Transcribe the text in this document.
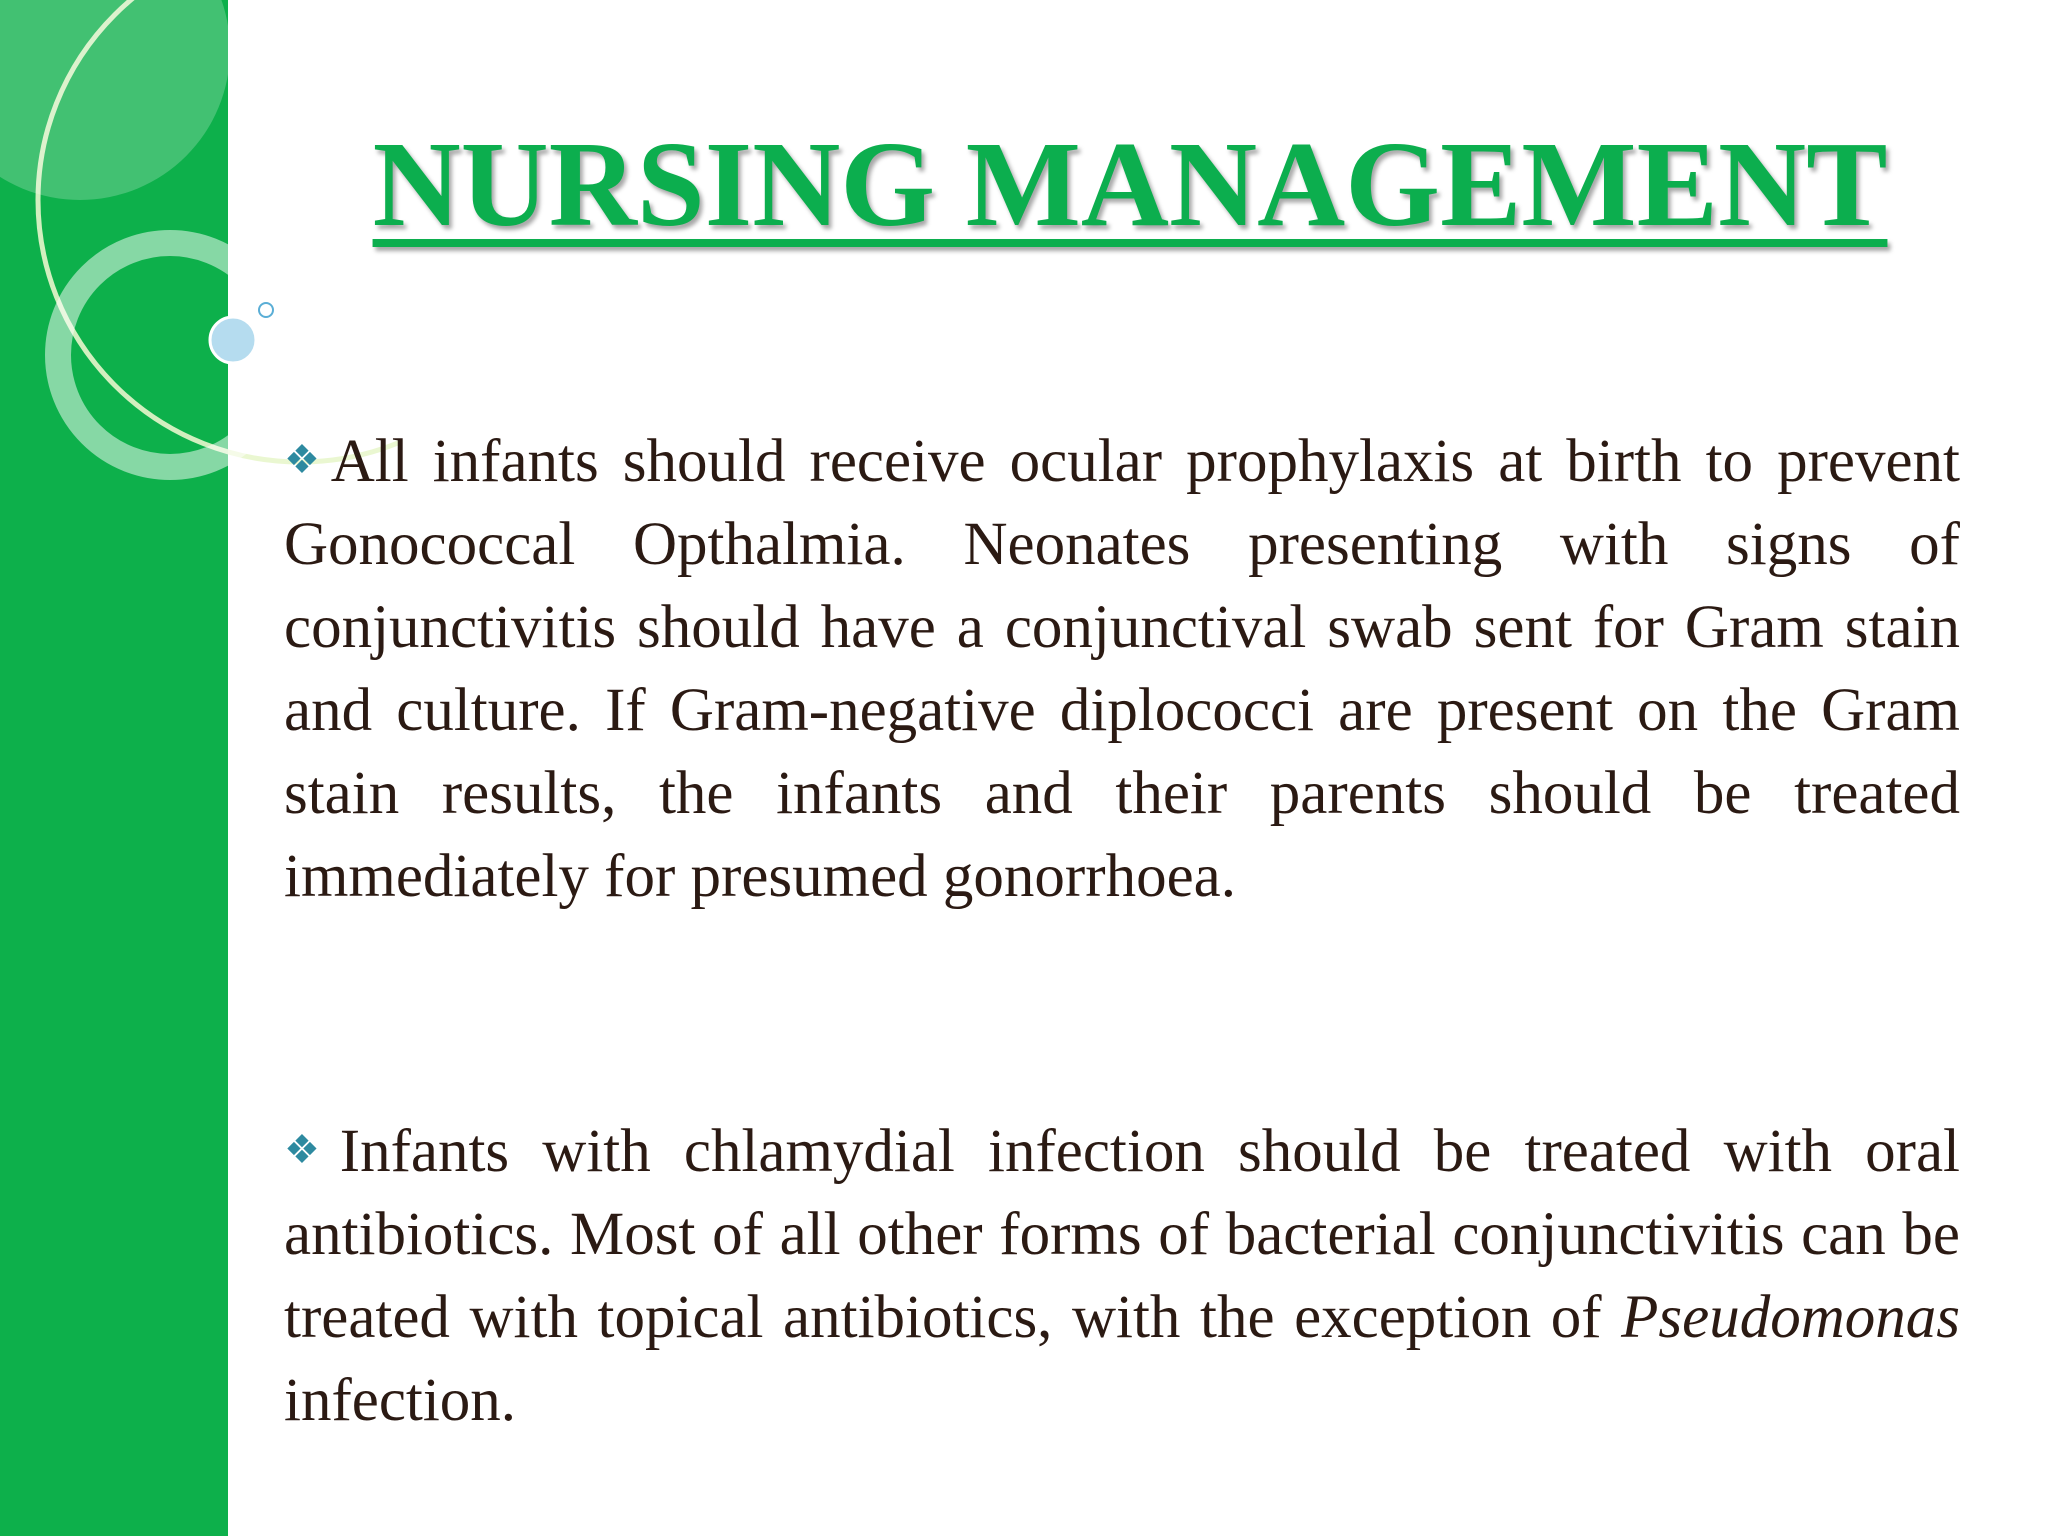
NURSING MANAGEMENT

❖All infants should receive ocular prophylaxis at birth to prevent Gonococcal Opthalmia. Neonates presenting with signs of conjunctivitis should have a conjunctival swab sent for Gram stain and culture. If Gram-negative diplococci are present on the Gram stain results, the infants and their parents should be treated immediately for presumed gonorrhoea.

❖Infants with chlamydial infection should be treated with oral antibiotics. Most of all other forms of bacterial conjunctivitis can be treated with topical antibiotics, with the exception of Pseudomonas infection.
